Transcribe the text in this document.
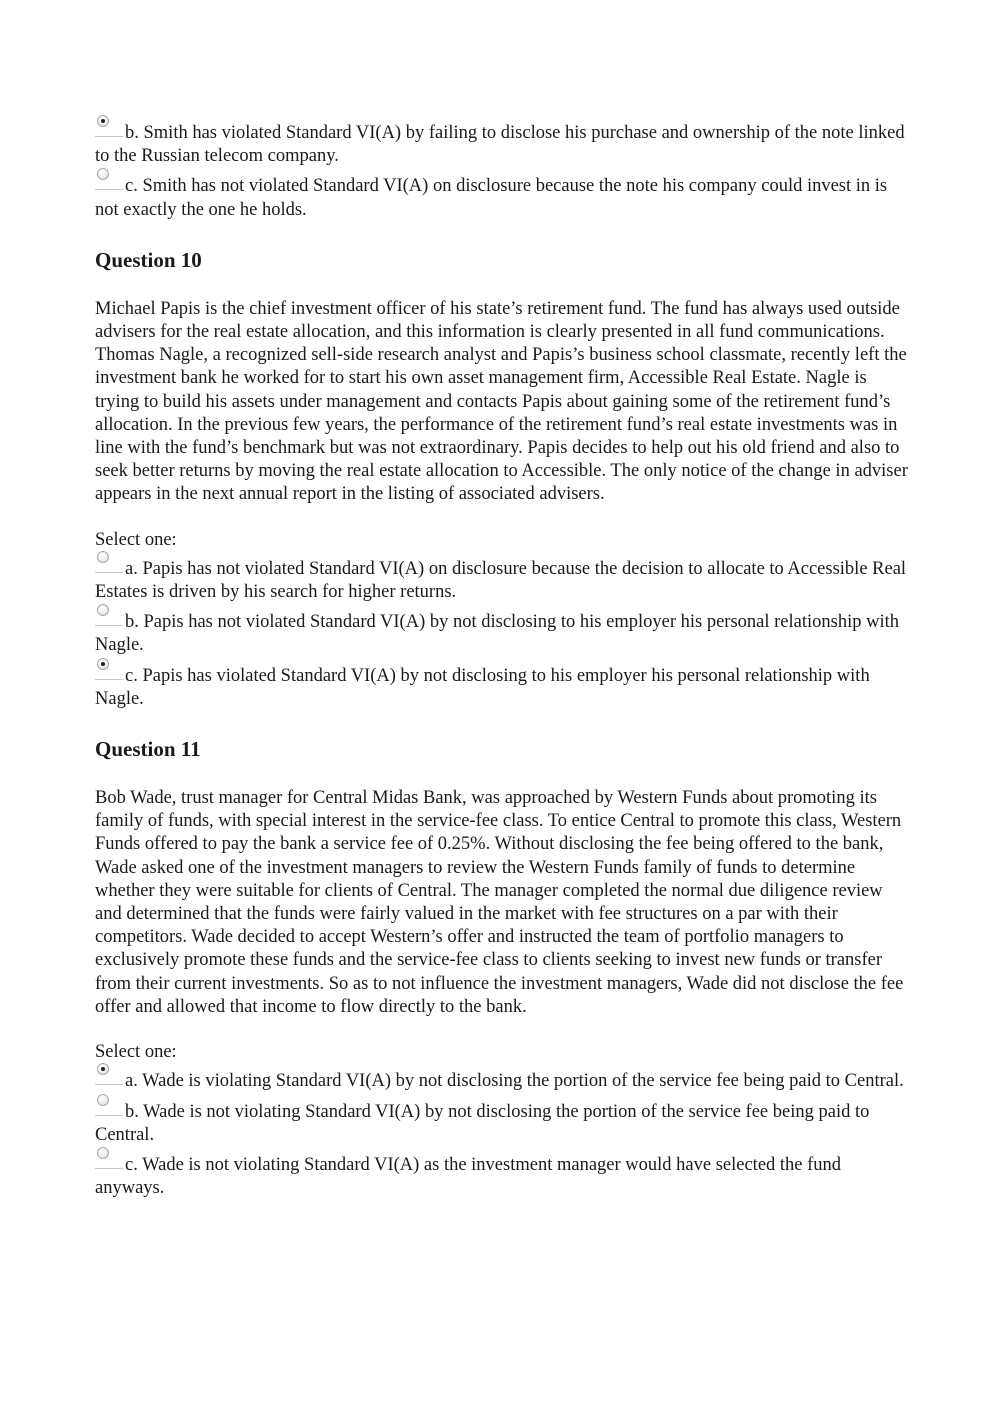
b. Smith has violated Standard VI(A) by failing to disclose his purchase and ownership of the note linked to the Russian telecom company.
c. Smith has not violated Standard VI(A) on disclosure because the note his company could invest in is not exactly the one he holds.
Question 10

Michael Papis is the chief investment officer of his state’s retirement fund. The fund has always used outside advisers for the real estate allocation, and this information is clearly presented in all fund communications. Thomas Nagle, a recognized sell-side research analyst and Papis’s business school classmate, recently left the investment bank he worked for to start his own asset management firm, Accessible Real Estate. Nagle is trying to build his assets under management and contacts Papis about gaining some of the retirement fund’s allocation. In the previous few years, the performance of the retirement fund’s real estate investments was in line with the fund’s benchmark but was not extraordinary. Papis decides to help out his old friend and also to seek better returns by moving the real estate allocation to Accessible. The only notice of the change in adviser appears in the next annual report in the listing of associated advisers.

Select one:
a. Papis has not violated Standard VI(A) on disclosure because the decision to allocate to Accessible Real Estates is driven by his search for higher returns.
b. Papis has not violated Standard VI(A) by not disclosing to his employer his personal relationship with Nagle.
c. Papis has violated Standard VI(A) by not disclosing to his employer his personal relationship with Nagle.
Question 11

Bob Wade, trust manager for Central Midas Bank, was approached by Western Funds about promoting its family of funds, with special interest in the service-fee class. To entice Central to promote this class, Western Funds offered to pay the bank a service fee of 0.25%. Without disclosing the fee being offered to the bank, Wade asked one of the investment managers to review the Western Funds family of funds to determine whether they were suitable for clients of Central. The manager completed the normal due diligence review and determined that the funds were fairly valued in the market with fee structures on a par with their competitors. Wade decided to accept Western’s offer and instructed the team of portfolio managers to exclusively promote these funds and the service-fee class to clients seeking to invest new funds or transfer from their current investments. So as to not influence the investment managers, Wade did not disclose the fee offer and allowed that income to flow directly to the bank.

Select one:
a. Wade is violating Standard VI(A) by not disclosing the portion of the service fee being paid to Central.
b. Wade is not violating Standard VI(A) by not disclosing the portion of the service fee being paid to Central.
c. Wade is not violating Standard VI(A) as the investment manager would have selected the fund anyways.
